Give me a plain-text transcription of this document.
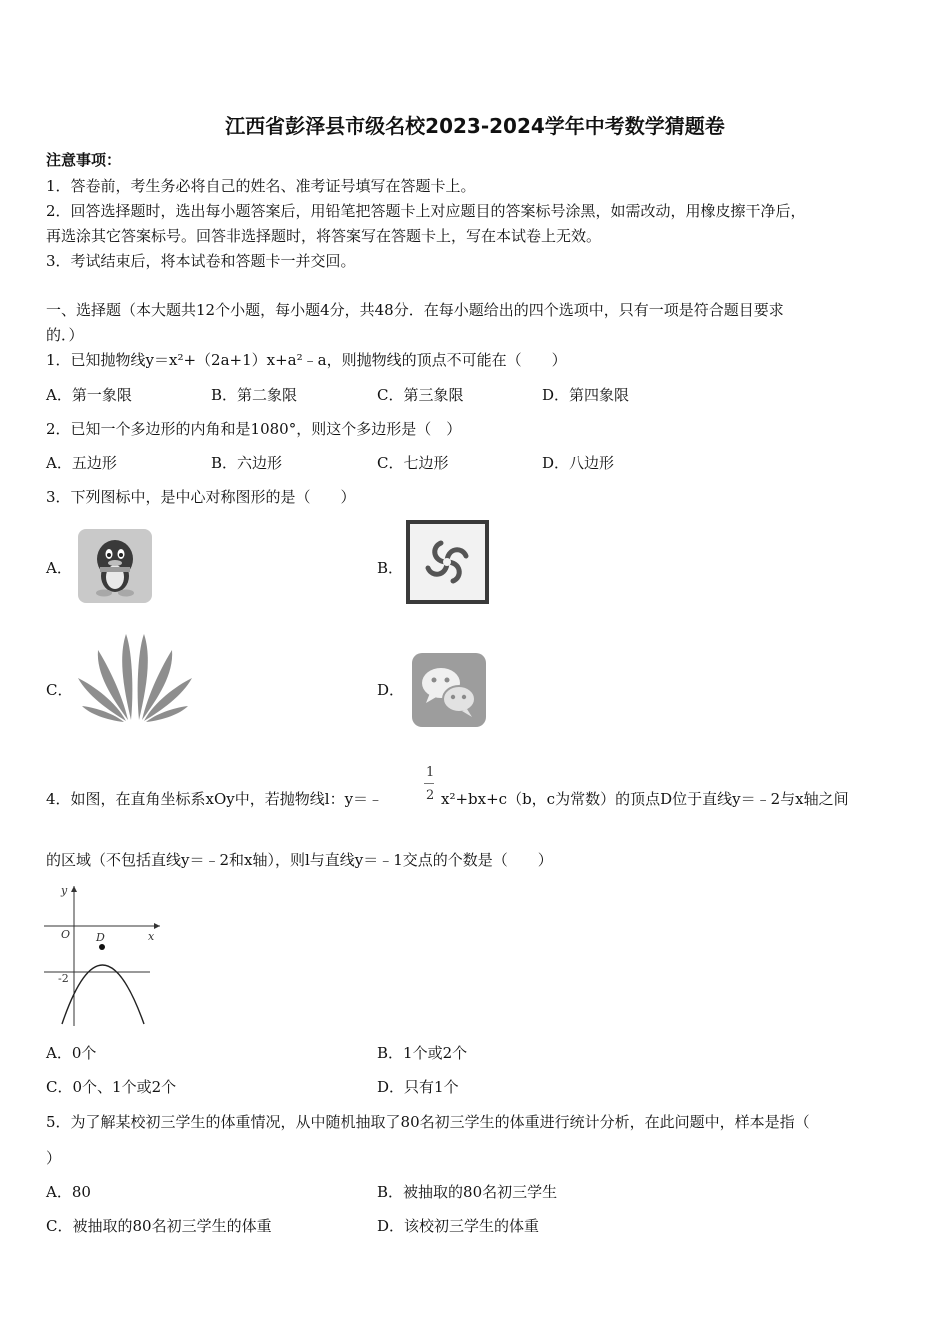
江西省彭泽县市级名校2023-2024学年中考数学猜题卷
注意事项：
1．答卷前，考生务必将自己的姓名、准考证号填写在答题卡上。
2．回答选择题时，选出每小题答案后，用铅笔把答题卡上对应题目的答案标号涂黑，如需改动，用橡皮擦干净后，
再选涂其它答案标号。回答非选择题时，将答案写在答题卡上，写在本试卷上无效。
3．考试结束后，将本试卷和答题卡一并交回。
一、选择题（本大题共12个小题，每小题4分，共48分．在每小题给出的四个选项中，只有一项是符合题目要求
的．）
1．已知抛物线y＝x²+（2a+1）x+a²﹣a，则抛物线的顶点不可能在（　　）
A．第一象限	B．第二象限	C．第三象限	D．第四象限
2．已知一个多边形的内角和是1080°，则这个多边形是（　）
A．五边形	B．六边形	C．七边形	D．八边形
3．下列图标中，是中心对称图形的是（　　）
A．	B．
C．	D．
4．如图，在直角坐标系xOy中，若抛物线l：y＝﹣
1
2 x²+bx+c（b，c为常数）的顶点D位于直线y＝﹣2与x轴之间
的区域（不包括直线y＝﹣2和x轴），则l与直线y＝﹣1交点的个数是（　　）
y
x
O D
-2
A．0个	B．1个或2个
C．0个、1个或2个	D．只有1个
5．为了解某校初三学生的体重情况，从中随机抽取了80名初三学生的体重进行统计分析，在此问题中，样本是指（
）
A．80	B．被抽取的80名初三学生
C．被抽取的80名初三学生的体重	D．该校初三学生的体重
